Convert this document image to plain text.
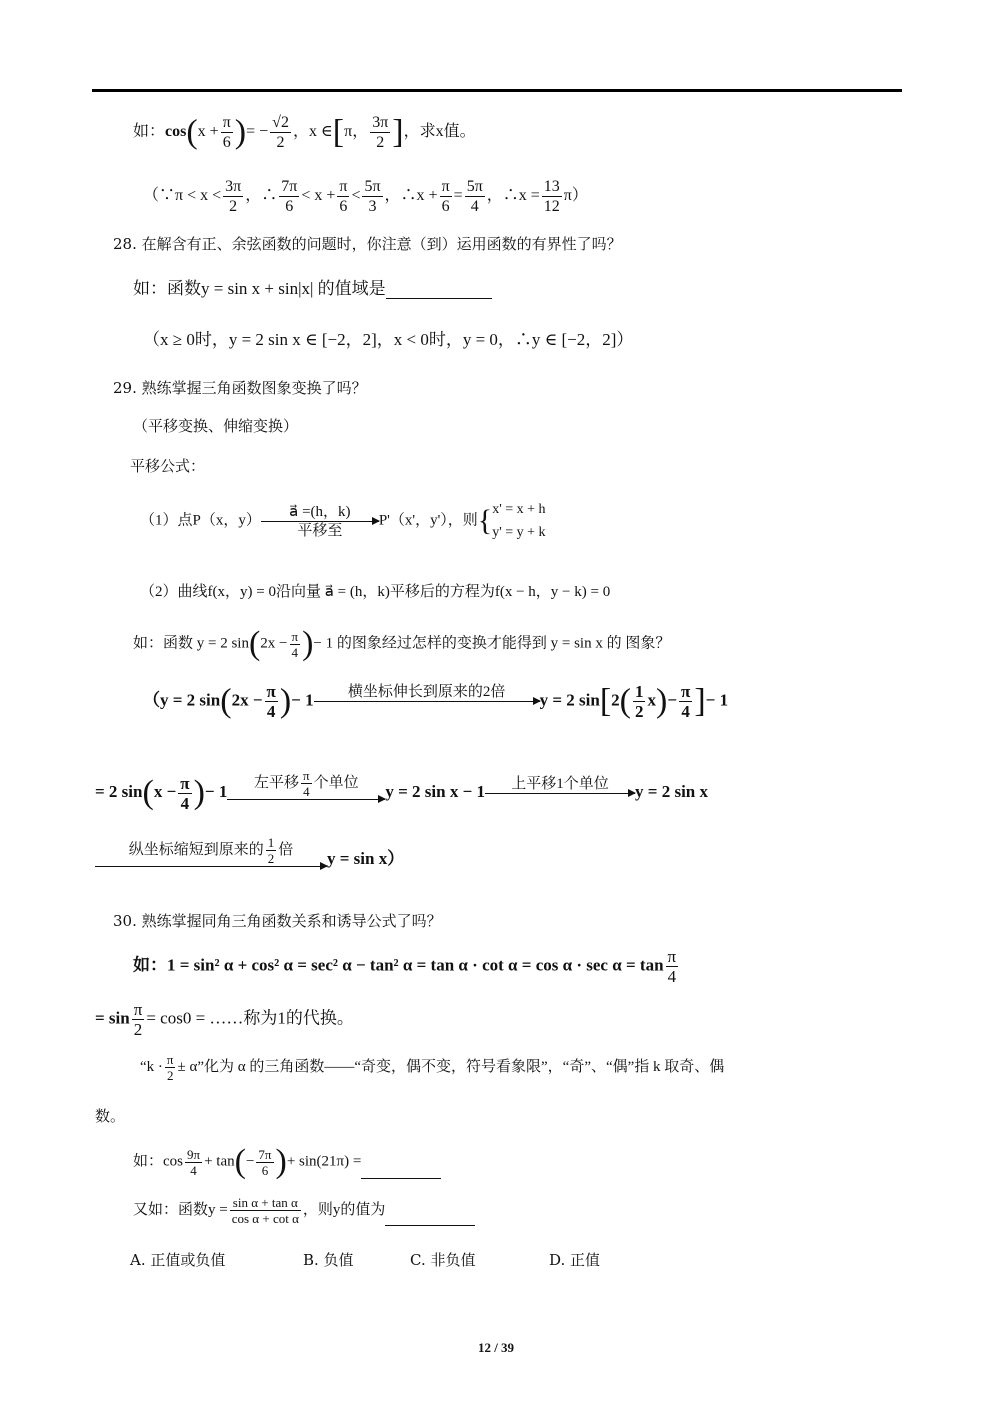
如：$\cos(x + \frac{\pi}{6}$ )= − $\frac{√2}{2}$ ，x ∈[π， $\frac{3\pi}{2}$ ]，求x值。
（∵π < $x < \frac{3\pi}{2}$ ，∴ $\frac{7\pi}{6} < x + \frac{\pi}{6} < \frac{5\pi}{3}$ ，∴x + $\frac{\pi}{6} = \frac{5\pi}{4}$ ，∴x = $\frac{13}{12} \pi$）
28. 在解含有正、余弦函数的问题时，你注意（到）运用函数的有界性了吗？
如：函数y = sin x + sin|x| 的值域是
（x ≥ 0时，y = 2 sin x ∈ [−2，2]，x < 0时，y = 0，∴y ∈ [−2，2]）
29. 熟练掌握三角函数图象变换了吗？
（平移变换、伸缩变换）
平移公式：
（1）点P（x，y）
a⃗ =(h，k)
平移至
P'（x'，y'），则{ x' = x + h
y' = y + k
（2）曲线f(x，y) = 0沿向量 a⃗ = (h，k)平移后的方程为f(x − h，y − k) = 0
如：函数 y = 2 $\sin(2x - \frac{\pi}{4}$ )− 1 的图象经过怎样的变换才能得到 y = sin x 的 图象？
（y = 2 $\sin(2x - \frac{\pi}{4}$ )− 1	横坐标伸长到原来的2倍
	y = 2 $\sin[2( \frac{1}{2} x)- \frac{\pi}{4}$ ]− 1
= 2 $\sin(x - \frac{\pi}{4}$ )− 1	左平移 $\frac{\pi}{4}$ 个单位
	y = 2 sin x − 1	上平移1个单位
	y = 2 sin x
纵坐标缩短到原来的 $\frac{1}{2}$ 倍
	y = sin x）
30. 熟练掌握同角三角函数关系和诱导公式了吗？
如：1 = sin² α + cos² α = sec² α − tan² $\alpha = \tan \alpha \cdot \cot \alpha = \cos \alpha \cdot \sec \alpha = \tan \frac{\pi}{4}$
= $\sin \frac{\pi}{2} = \cos 0$ = ……称为1的代换。
“$k \cdot \frac{\pi}{2} \pm \alpha$”化为 α 的三角函数——“奇变，偶不变，符号看象限”，“奇”、“偶”指 k 取奇、偶
数。
如：$\cos \frac{9\pi}{4} + \tan(- \frac{7\pi}{6}$ )+ sin(21π) =
又如：函数$y = \frac{\text{sin α + tan α}}{\text{cos α + cot α}}$ ，则y的值为
A. 正值或负值	B. 负值	C. 非负值	D. 正值
12 / 39
